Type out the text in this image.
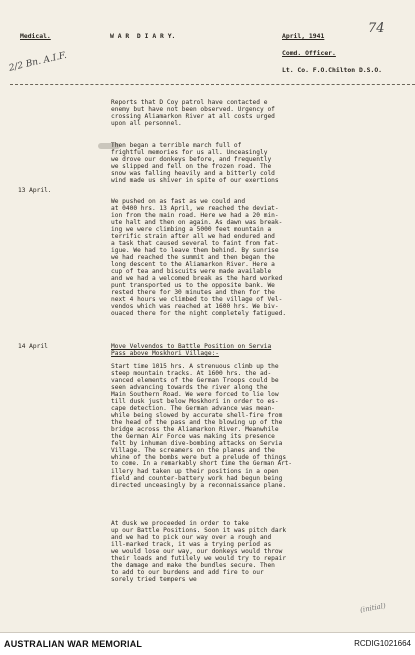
Medical.	W A R  D I A R Y.	April, 1941	74
Comd. Officer.
Lt. Co. F.O.Chilton D.S.O.
2/2 Bn. A.I.F.
Reports that D Coy patrol have contacted e
enemy but have not been observed. Urgency of
crossing Aliamarkon River at all costs urged
upon all personnel.
Then began a terrible march full of
frightful memories for us all. Unceasingly
we drove our donkeys before, and frequently
we slipped and fell on the frozen road. The
snow was falling heavily and a bitterly cold
wind made us shiver in spite of our exertions
13 April.
We pushed on as fast as we could and
at 0400 hrs. 13 April, we reached the deviat-
ion from the main road. Here we had a 20 min-
ute halt and then on again. As dawn was break-
ing we were climbing a 5000 feet mountain a
terrific strain after all we had endured and
a task that caused several to faint from fat-
igue. We had to leave them behind. By sunrise
we had reached the summit and then began the
long descent to the Aliamarkon River. Here a
cup of tea and biscuits were made available
and we had a welcomed break as the hard worked
punt transported us to the opposite bank. We
rested there for 30 minutes and then for the
next 4 hours we climbed to the village of Vel-
vendos which was reached at 1600 hrs. We biv-
ouaced there for the night completely fatigued.
14 April	Move Velvendos to Battle Position on Servia
Pass above Moskhori Village:-
Start time 1015 hrs. A strenuous climb up the
steep mountain tracks. At 1600 hrs. the ad-
vanced elements of the German Troops could be
seen advancing towards the river along the
Main Southern Road. We were forced to lie low
till dusk just below Moskhori in order to es-
cape detection. The German advance was mean-
while being slowed by accurate shell-fire from
the head of the pass and the blowing up of the
bridge across the Aliamarkon River. Meanwhile
the German Air Force was making its presence
felt by inhuman dive-bombing attacks on Servia
Village. The screamers on the planes and the
whine of the bombs were but a prelude of things
to come. In a remarkably short time the German Art-
illery had taken up their positions in a open
field and counter-battery work had begun being
directed unceasingly by a reconnaissance plane.
At dusk we proceeded in order to take
up our Battle Positions. Soon it was pitch dark
and we had to pick our way over a rough and
ill-marked track, it was a trying period as
we would lose our way, our donkeys would throw
their loads and futilely we would try to repair
the damage and make the bundles secure. Then
to add to our burdens and add fire to our
sorely tried tempers we
(initial)
AUSTRALIAN WAR MEMORIAL	RCDIG1021664
